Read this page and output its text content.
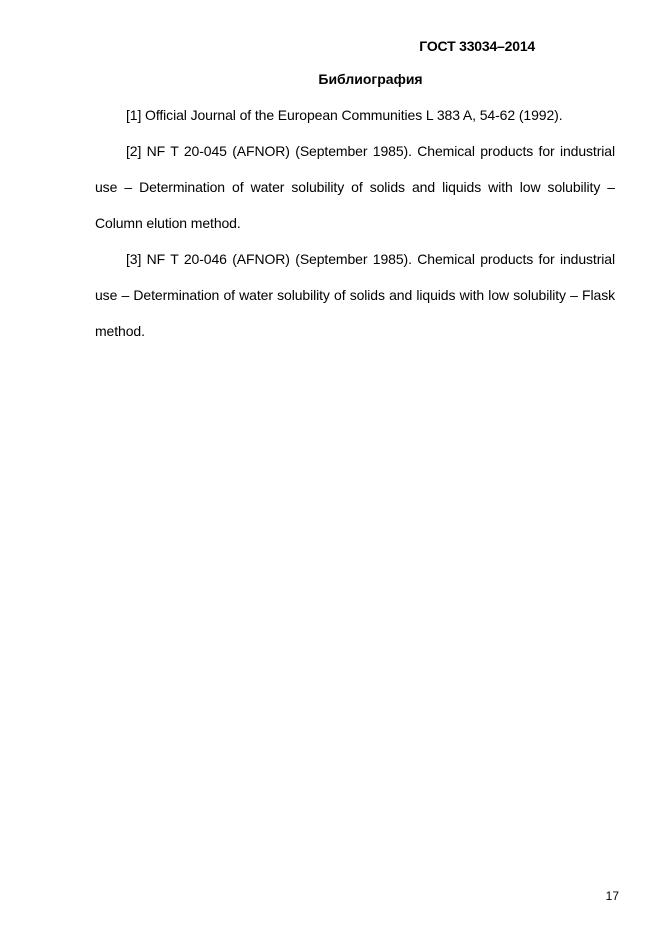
ГОСТ 33034–2014
Библиография

[1] Official Journal of the European Communities L 383 A, 54-62 (1992).

[2] NF T 20-045 (AFNOR) (September 1985). Chemical products for industrial use – Determination of water solubility of solids and liquids with low solubility – Column elution method.

[3] NF T 20-046 (AFNOR) (September 1985). Chemical products for industrial use – Determination of water solubility of solids and liquids with low solubility – Flask method.

17
